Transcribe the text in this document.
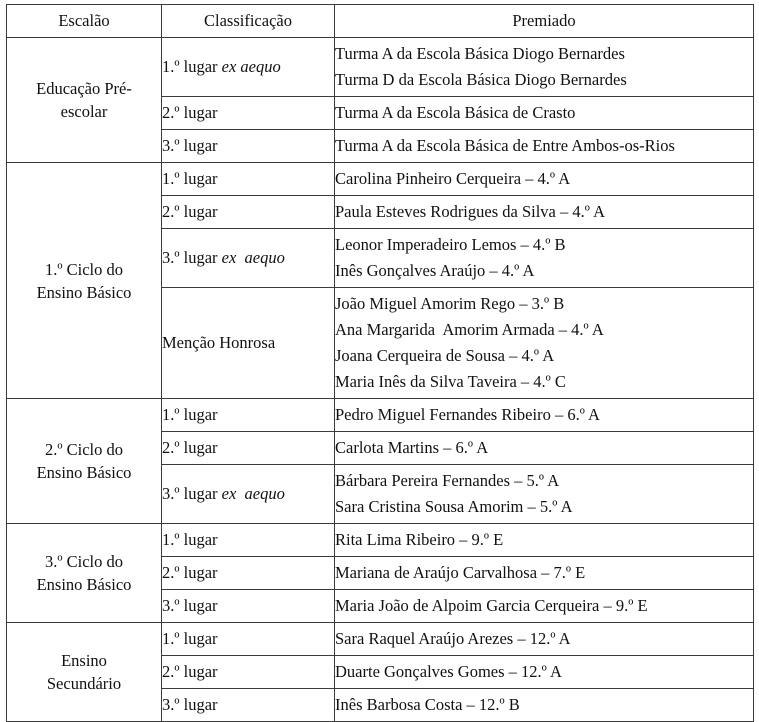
Escalão	Classificação	Premiado

Educação Pré-
escolar	1.º lugar ex aequo	Turma A da Escola Básica Diogo Bernardes
Turma D da Escola Básica Diogo Bernardes

	2.º lugar	Turma A da Escola Básica de Crasto

	3.º lugar	Turma A da Escola Básica de Entre Ambos-os-Rios

1.º Ciclo do
Ensino Básico	1.º lugar	Carolina Pinheiro Cerqueira – 4.º A

	2.º lugar	Paula Esteves Rodrigues da Silva – 4.º A

	3.º lugar ex  aequo	Leonor Imperadeiro Lemos – 4.º B
Inês Gonçalves Araújo – 4.º A

	Menção Honrosa	João Miguel Amorim Rego – 3.º B
Ana Margarida  Amorim Armada – 4.º A
Joana Cerqueira de Sousa – 4.º A
Maria Inês da Silva Taveira – 4.º C

2.º Ciclo do
Ensino Básico	1.º lugar	Pedro Miguel Fernandes Ribeiro – 6.º A

	2.º lugar	Carlota Martins – 6.º A

	3.º lugar ex  aequo	Bárbara Pereira Fernandes – 5.º A
Sara Cristina Sousa Amorim – 5.º A

3.º Ciclo do
Ensino Básico	1.º lugar	Rita Lima Ribeiro – 9.º E

	2.º lugar	Mariana de Araújo Carvalhosa – 7.º E

	3.º lugar	Maria João de Alpoim Garcia Cerqueira – 9.º E

Ensino
Secundário	1.º lugar	Sara Raquel Araújo Arezes – 12.º A

	2.º lugar	Duarte Gonçalves Gomes – 12.º A

	3.º lugar	Inês Barbosa Costa – 12.º B
